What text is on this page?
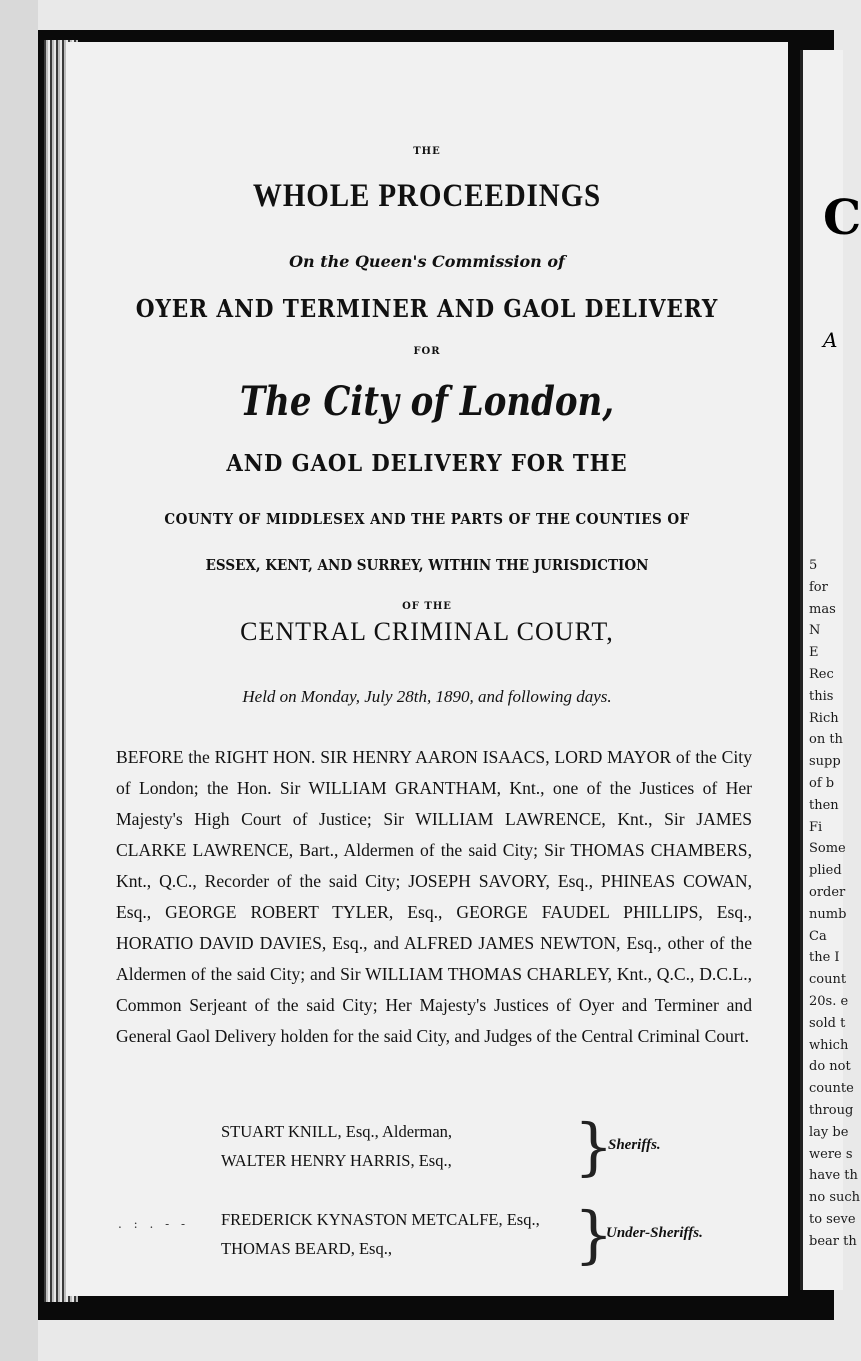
THE
WHOLE PROCEEDINGS
On the Queen's Commission of
OYER AND TERMINER AND GAOL DELIVERY
FOR
The City of London,
AND GAOL DELIVERY FOR THE
COUNTY OF MIDDLESEX AND THE PARTS OF THE COUNTIES OF
ESSEX, KENT, AND SURREY, WITHIN THE JURISDICTION
OF THE
CENTRAL CRIMINAL COURT,
Held on Monday, July 28th, 1890, and following days.
BEFORE the RIGHT HON. SIR HENRY AARON ISAACS, LORD MAYOR of the City of London; the Hon. Sir WILLIAM GRANTHAM, Knt., one of the Justices of Her Majesty's High Court of Justice; Sir WILLIAM LAWRENCE, Knt., Sir JAMES CLARKE LAWRENCE, Bart., Aldermen of the said City; Sir THOMAS CHAMBERS, Knt., Q.C., Recorder of the said City; JOSEPH SAVORY, Esq., PHINEAS COWAN, Esq., GEORGE ROBERT TYLER, Esq., GEORGE FAUDEL PHILLIPS, Esq., HORATIO DAVID DAVIES, Esq., and ALFRED JAMES NEWTON, Esq., other of the Aldermen of the said City; and Sir WILLIAM THOMAS CHARLEY, Knt., Q.C., D.C.L., Common Serjeant of the said City; Her Majesty's Justices of Oyer and Terminer and General Gaol Delivery holden for the said City, and Judges of the Central Criminal Court.
STUART KNILL, Esq., Alderman,
WALTER HENRY HARRIS, Esq., }
Sheriffs.
. : . - - FREDERICK KYNASTON METCALFE, Esq.,
THOMAS BEARD, Esq.,	}
Under-Sheriffs.
C
A
5
for
mas
N
E
Rec
this
Rich
on th
supp
of b
then
Fi
Some
plied
order
numb
Ca
the I
count
20s. e
sold t
which
do not
counte
throug
lay be
were s
have th
no such
to seve
bear th
